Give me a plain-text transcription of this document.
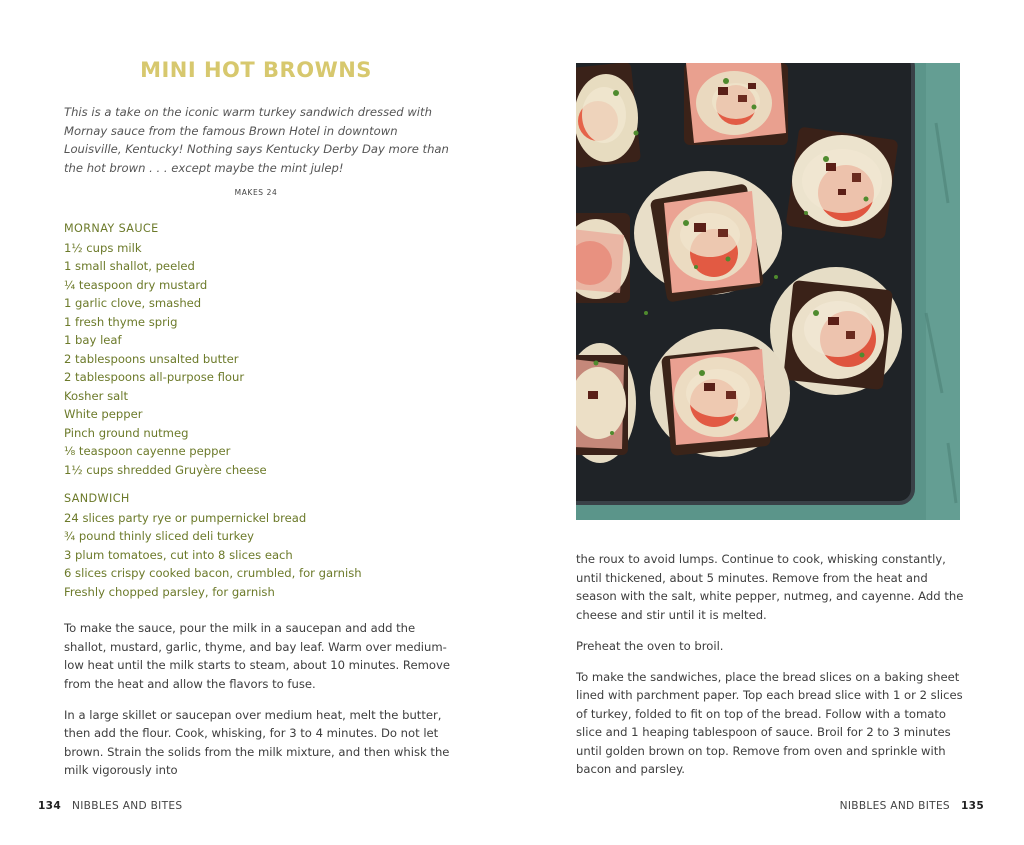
MINI HOT BROWNS
This is a take on the iconic warm turkey sandwich dressed with Mornay sauce from the famous Brown Hotel in downtown Louisville, Kentucky! Nothing says Kentucky Derby Day more than the hot brown . . . except maybe the mint julep!
MAKES 24
MORNAY SAUCE
1½ cups milk
1 small shallot, peeled
¼ teaspoon dry mustard
1 garlic clove, smashed
1 fresh thyme sprig
1 bay leaf
2 tablespoons unsalted butter
2 tablespoons all-purpose flour
Kosher salt
White pepper
Pinch ground nutmeg
⅛ teaspoon cayenne pepper
1½ cups shredded Gruyère cheese
SANDWICH
24 slices party rye or pumpernickel bread
¾ pound thinly sliced deli turkey
3 plum tomatoes, cut into 8 slices each
6 slices crispy cooked bacon, crumbled, for garnish
Freshly chopped parsley, for garnish

To make the sauce, pour the milk in a saucepan and add the shallot, mustard, garlic, thyme, and bay leaf. Warm over medium-low heat until the milk starts to steam, about 10 minutes. Remove from the heat and allow the flavors to fuse.

In a large skillet or saucepan over medium heat, melt the butter, then add the flour. Cook, whisking, for 3 to 4 minutes. Do not let brown. Strain the solids from the milk mixture, and then whisk the milk vigorously into

134 NIBBLES AND BITES

the roux to avoid lumps. Continue to cook, whisking constantly, until thickened, about 5 minutes. Remove from the heat and season with the salt, white pepper, nutmeg, and cayenne. Add the cheese and stir until it is melted.

Preheat the oven to broil.

To make the sandwiches, place the bread slices on a baking sheet lined with parchment paper. Top each bread slice with 1 or 2 slices of turkey, folded to fit on top of the bread. Follow with a tomato slice and 1 heaping tablespoon of sauce. Broil for 2 to 3 minutes until golden brown on top. Remove from oven and sprinkle with bacon and parsley.

NIBBLES AND BITES 135
